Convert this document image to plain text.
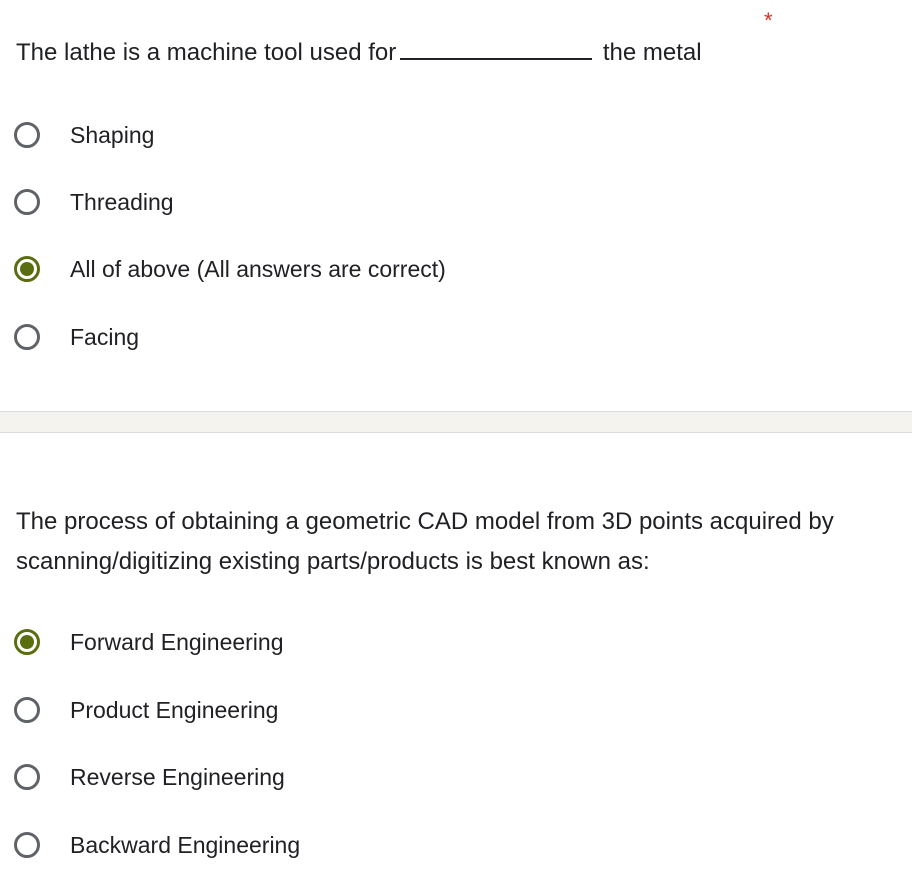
The lathe is a machine tool used for	the metal
*
Shaping
Threading
All of above (All answers are correct)
Facing
The process of obtaining a geometric CAD model from 3D points acquired by scanning/digitizing existing parts/products is best known as:
Forward Engineering
Product Engineering
Reverse Engineering
Backward Engineering
